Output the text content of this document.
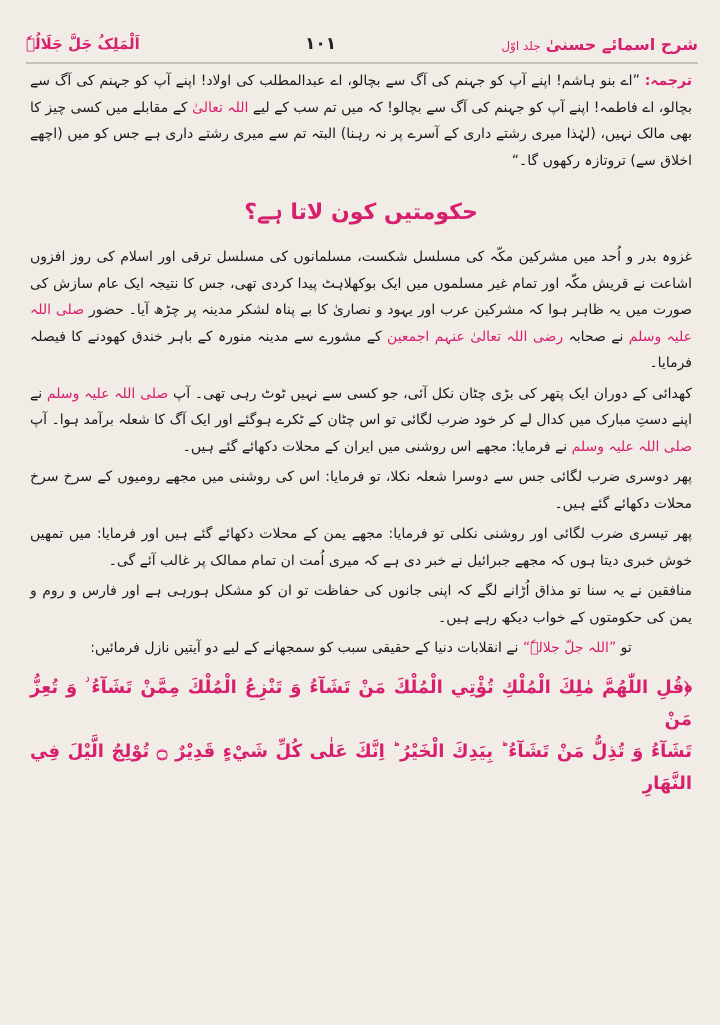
شرح اسمائے حسنیٰ جلد اوّل
۱۰۱
اَلْمَلِکُ جَلَّ جَلَالُہٗ

ترجمہ: ”اے بنو ہاشم! اپنے آپ کو جہنم کی آگ سے بچالو، اے عبدالمطلب کی اولاد! اپنے آپ کو جہنم کی آگ سے بچالو، اے فاطمہ! اپنے آپ کو جہنم کی آگ سے بچالو! کہ میں تم سب کے لیے اللہ تعالیٰ کے مقابلے میں کسی چیز کا بھی مالک نہیں، (لہٰذا میری رشتے داری کے آسرے پر نہ رہنا) البتہ تم سے میری رشتے داری ہے جس کو میں (اچھے اخلاق سے) تروتازہ رکھوں گا۔“

حکومتیں کون لاتا ہے؟

غزوہ بدر و اُحد میں مشرکین مکّہ کی مسلسل شکست، مسلمانوں کی مسلسل ترقی اور اسلام کی روز افزوں اشاعت نے قریش مکّہ اور تمام غیر مسلموں میں ایک بوکھلاہٹ پیدا کردی تھی، جس کا نتیجہ ایک عام سازش کی صورت میں یہ ظاہر ہوا کہ مشرکین عرب اور یہود و نصاریٰ کا بے پناہ لشکر مدینہ پر چڑھ آیا۔ حضور صلی اللہ علیہ وسلم نے صحابہ رضی اللہ تعالیٰ عنہم اجمعین کے مشورے سے مدینہ منورہ کے باہر خندق کھودنے کا فیصلہ فرمایا۔

کھدائی کے دوران ایک پتھر کی بڑی چٹان نکل آئی، جو کسی سے نہیں ٹوٹ رہی تھی۔ آپ صلی اللہ علیہ وسلم نے اپنے دستِ مبارک میں کدال لے کر خود ضرب لگائی تو اس چٹان کے ٹکرے ہوگئے اور ایک آگ کا شعلہ برآمد ہوا۔ آپ صلی اللہ علیہ وسلم نے فرمایا: مجھے اس روشنی میں ایران کے محلات دکھائے گئے ہیں۔

پھر دوسری ضرب لگائی جس سے دوسرا شعلہ نکلا، تو فرمایا: اس کی روشنی میں مجھے رومیوں کے سرخ سرخ محلات دکھائے گئے ہیں۔

پھر تیسری ضرب لگائی اور روشنی نکلی تو فرمایا: مجھے یمن کے محلات دکھائے گئے ہیں اور فرمایا: میں تمھیں خوش خبری دیتا ہوں کہ مجھے جبرائیل نے خبر دی ہے کہ میری اُمت ان تمام ممالک پر غالب آئے گی۔

منافقین نے یہ سنا تو مذاق اُڑانے لگے کہ اپنی جانوں کی حفاظت تو ان کو مشکل ہورہی ہے اور فارس و روم و یمن کی حکومتوں کے خواب دیکھ رہے ہیں۔

تو ”اللہ جلّ جلالہٗ“ نے انقلابات دنیا کے حقیقی سبب کو سمجھانے کے لیے دو آیتیں نازل فرمائیں:

﴿قُلِ اللّٰهُمَّ مٰلِكَ الْمُلْكِ تُؤْتِي الْمُلْكَ مَنْ تَشَآءُ وَ تَنْزِعُ الْمُلْكَ مِمَّنْ تَشَآءُ ؗ وَ تُعِزُّ مَنْ
تَشَآءُ وَ تُذِلُّ مَنْ تَشَآءُ ؕ بِيَدِكَ الْخَيْرُ ؕ اِنَّكَ عَلٰى كُلِّ شَيْءٍ قَدِيْرٌ ۝ تُوْلِجُ الَّيْلَ فِي النَّهَارِ
